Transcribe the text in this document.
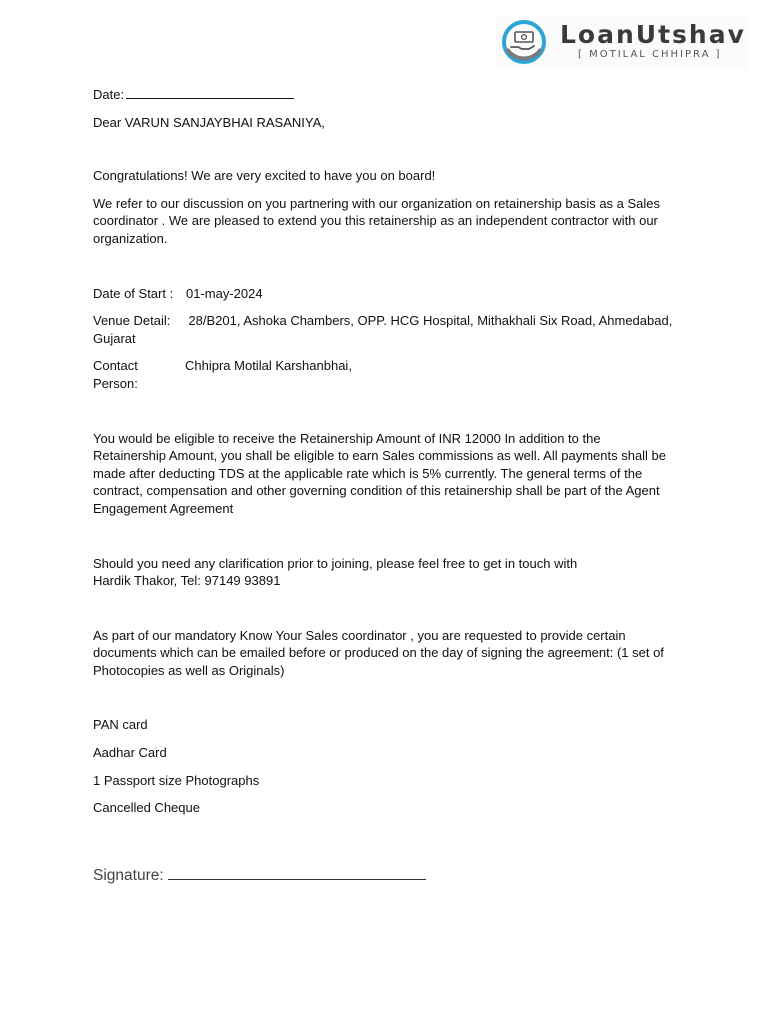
LoanUtshav
[ MOTILAL CHHIPRA ]

Date:

Dear VARUN SANJAYBHAI RASANIYA,

Congratulations! We are very excited to have you on board!

We refer to our discussion on you partnering with our organization on retainership basis as a Sales coordinator . We are pleased to extend you this retainership as an independent contractor with our organization.

Date of Start : 01-may-2024

Venue Detail: 28/B201, Ashoka Chambers, OPP. HCG Hospital, Mithakhali Six Road, Ahmedabad, Gujarat

Contact Person:
Chhipra Motilal Karshanbhai,

You would be eligible to receive the Retainership Amount of INR 12000 In addition to the Retainership Amount, you shall be eligible to earn Sales commissions as well. All payments shall be made after deducting TDS at the applicable rate which is 5% currently. The general terms of the contract, compensation and other governing condition of this retainership shall be part of the Agent Engagement Agreement

Should you need any clarification prior to joining, please feel free to get in touch with

Hardik Thakor, Tel: 97149 93891

As part of our mandatory Know Your Sales coordinator , you are requested to provide certain documents which can be emailed before or produced on the day of signing the agreement: (1 set of Photocopies as well as Originals)

PAN card

Aadhar Card

1 Passport size Photographs

Cancelled Cheque

Signature:
